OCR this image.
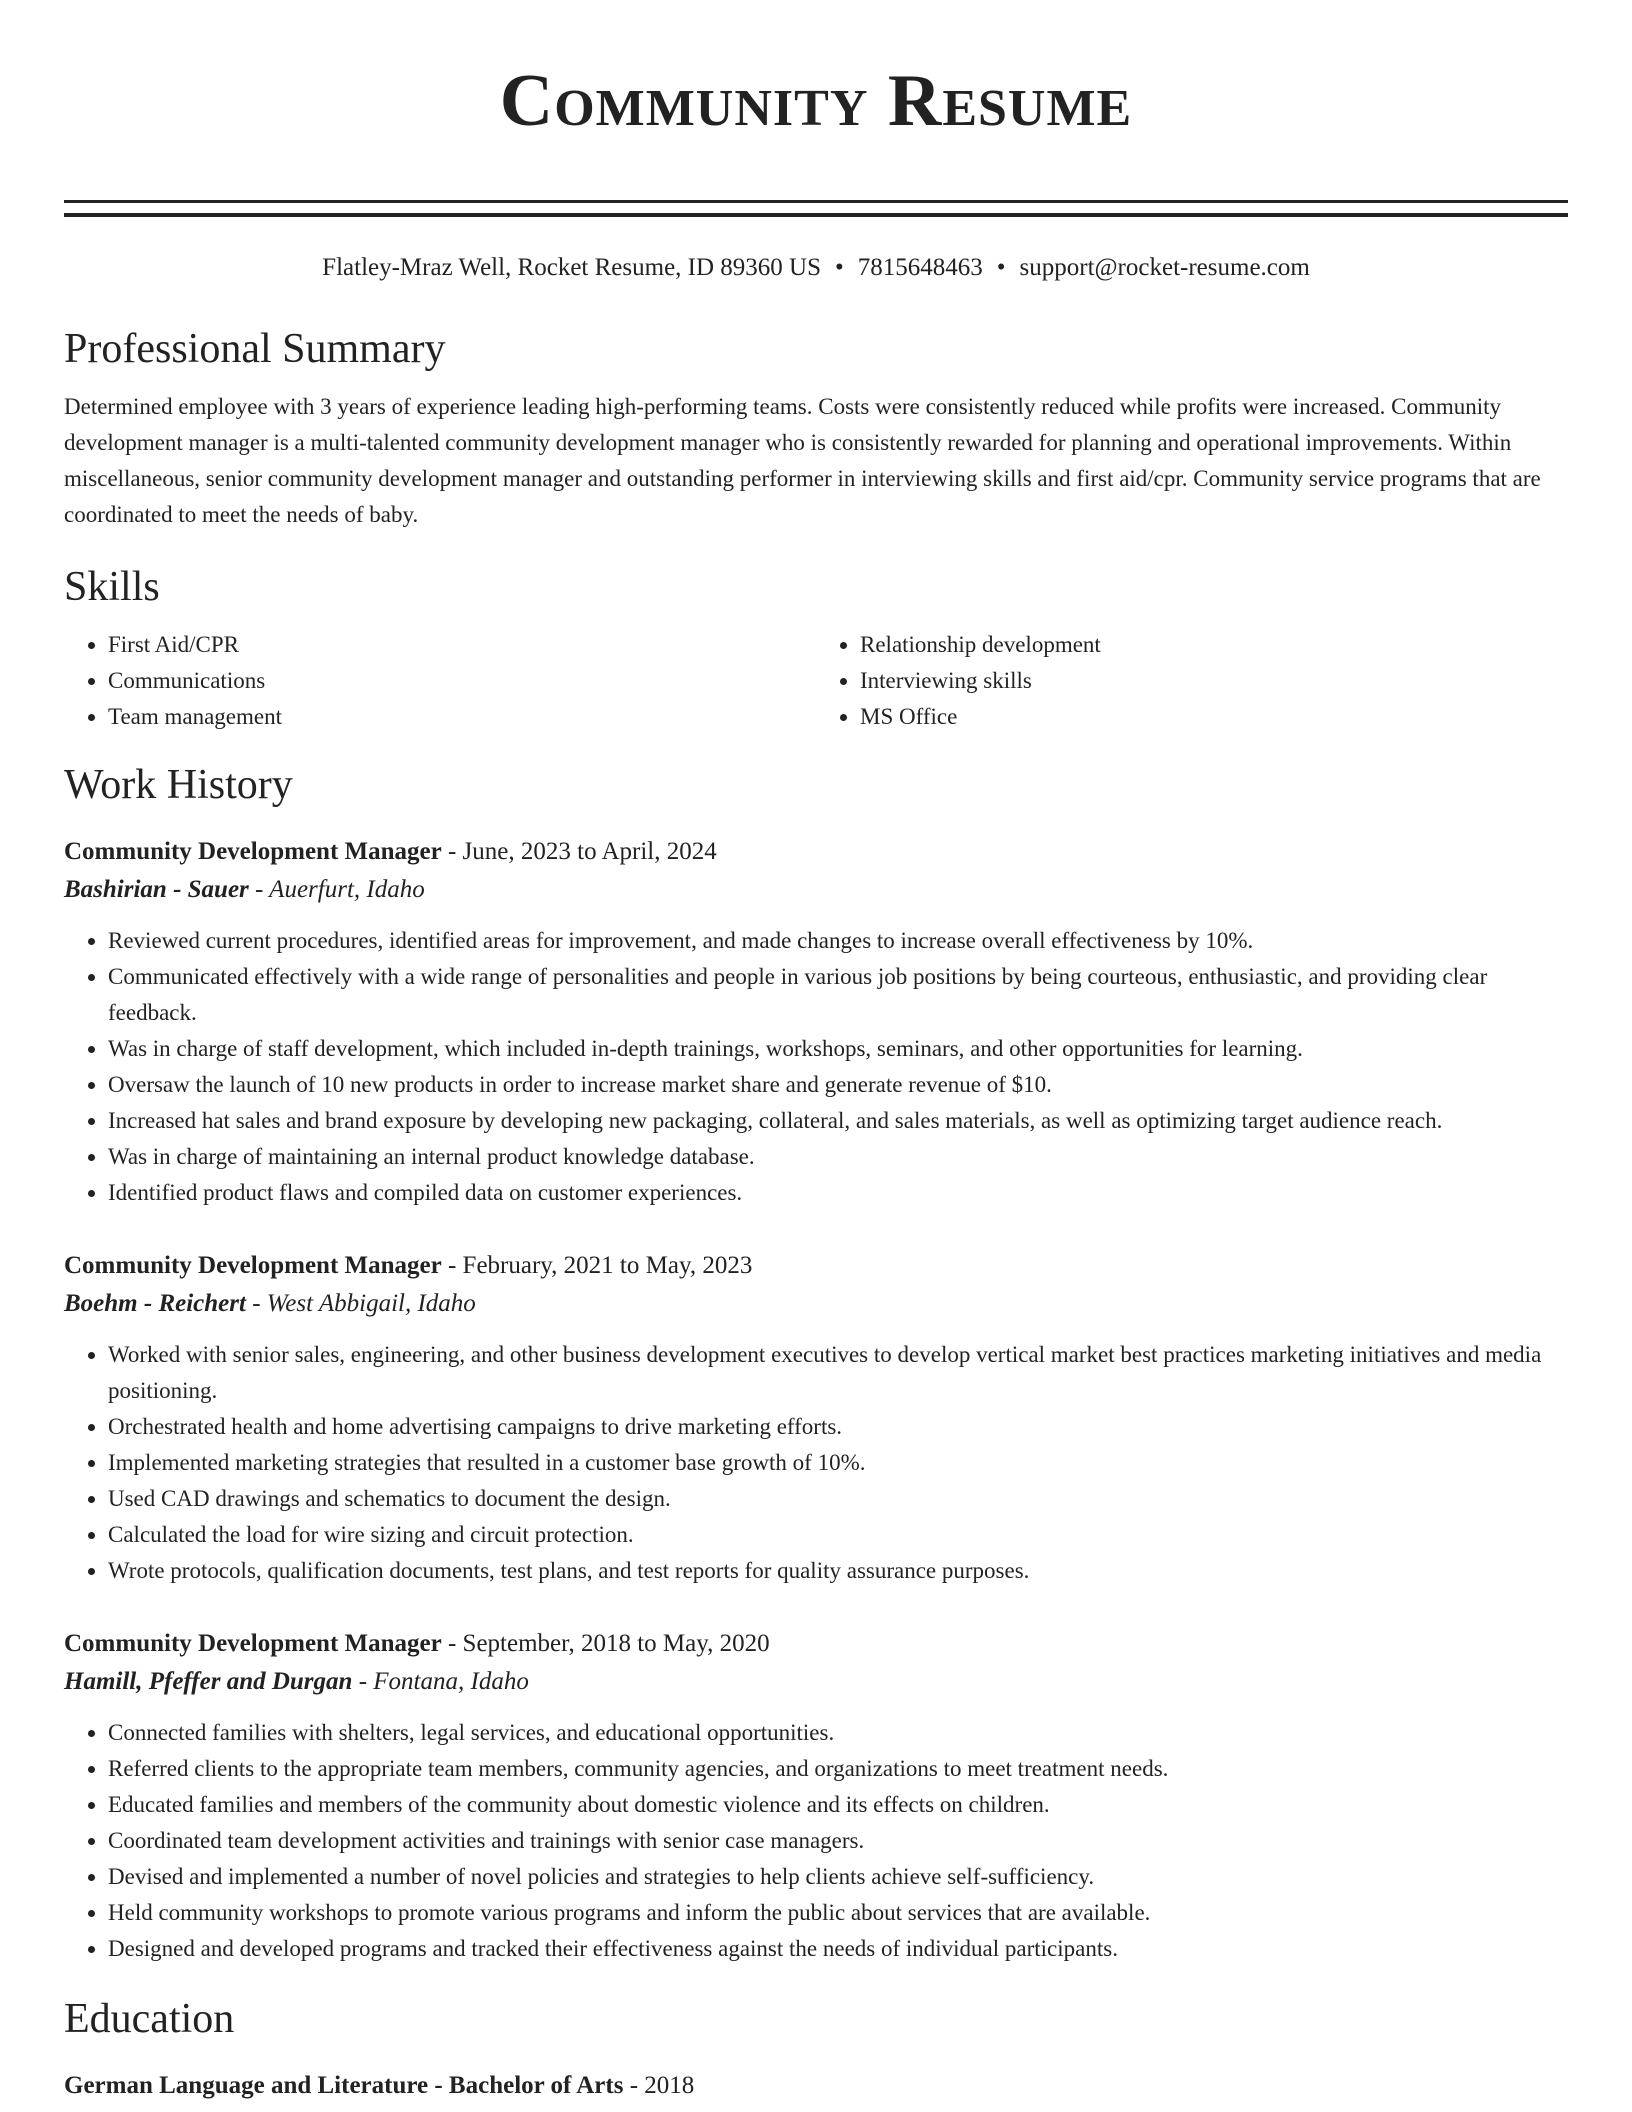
Community Resume
Flatley-Mraz Well, Rocket Resume, ID 89360 US • 7815648463 • support@rocket-resume.com
Professional Summary

Determined employee with 3 years of experience leading high-performing teams. Costs were consistently reduced while profits were increased. Community development manager is a multi-talented community development manager who is consistently rewarded for planning and operational improvements. Within miscellaneous, senior community development manager and outstanding performer in interviewing skills and first aid/cpr. Community service programs that are coordinated to meet the needs of baby.

Skills
• First Aid/CPR
• Communications
• Team management
• Relationship development
• Interviewing skills
• MS Office
Work History
Community Development Manager - June, 2023 to April, 2024
Bashirian - Sauer - Auerfurt, Idaho
• Reviewed current procedures, identified areas for improvement, and made changes to increase overall effectiveness by 10%.
• Communicated effectively with a wide range of personalities and people in various job positions by being courteous, enthusiastic, and providing clear feedback.
• Was in charge of staff development, which included in-depth trainings, workshops, seminars, and other opportunities for learning.
• Oversaw the launch of 10 new products in order to increase market share and generate revenue of $10.
• Increased hat sales and brand exposure by developing new packaging, collateral, and sales materials, as well as optimizing target audience reach.
• Was in charge of maintaining an internal product knowledge database.
• Identified product flaws and compiled data on customer experiences.
Community Development Manager - February, 2021 to May, 2023
Boehm - Reichert - West Abbigail, Idaho
• Worked with senior sales, engineering, and other business development executives to develop vertical market best practices marketing initiatives and media positioning.
• Orchestrated health and home advertising campaigns to drive marketing efforts.
• Implemented marketing strategies that resulted in a customer base growth of 10%.
• Used CAD drawings and schematics to document the design.
• Calculated the load for wire sizing and circuit protection.
• Wrote protocols, qualification documents, test plans, and test reports for quality assurance purposes.
Community Development Manager - September, 2018 to May, 2020
Hamill, Pfeffer and Durgan - Fontana, Idaho
• Connected families with shelters, legal services, and educational opportunities.
• Referred clients to the appropriate team members, community agencies, and organizations to meet treatment needs.
• Educated families and members of the community about domestic violence and its effects on children.
• Coordinated team development activities and trainings with senior case managers.
• Devised and implemented a number of novel policies and strategies to help clients achieve self-sufficiency.
• Held community workshops to promote various programs and inform the public about services that are available.
• Designed and developed programs and tracked their effectiveness against the needs of individual participants.
Education
German Language and Literature - Bachelor of Arts - 2018
